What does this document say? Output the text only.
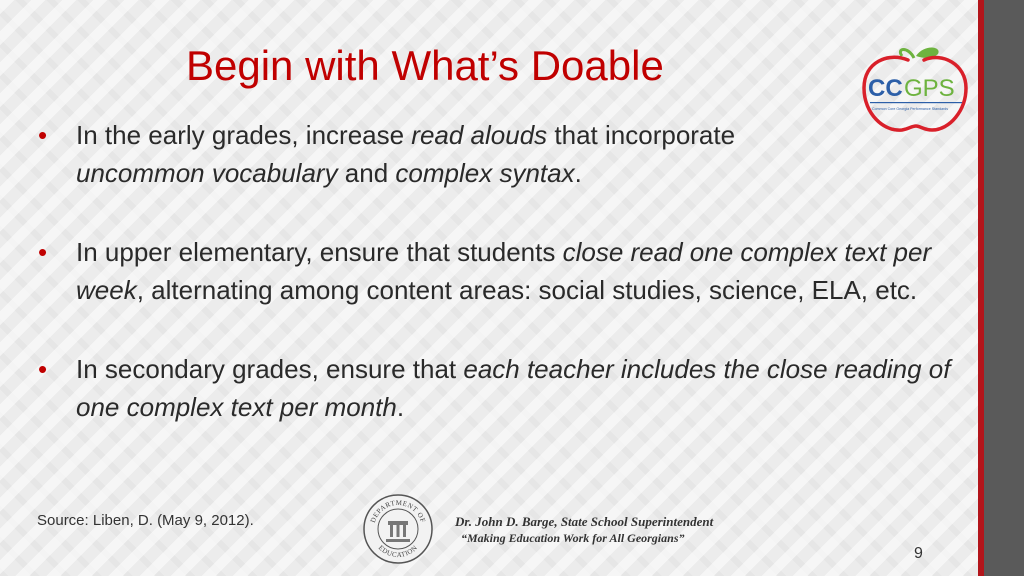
Begin with What’s Doable	CC GPS
Common Core Georgia Performance Standards
• In the early grades, increase read alouds that incorporate
uncommon vocabulary and complex syntax.
• In upper elementary, ensure that students close read one complex text per week, alternating among content areas: social studies, science, ELA, etc.
• In secondary grades, ensure that each teacher includes the close reading of one complex text per month.
Source: Liben, D. (May 9, 2012).	DEPARTMENT OF
EDUCATION
Dr. John D. Barge, State School Superintendent
“Making Education Work for All Georgians”
9
